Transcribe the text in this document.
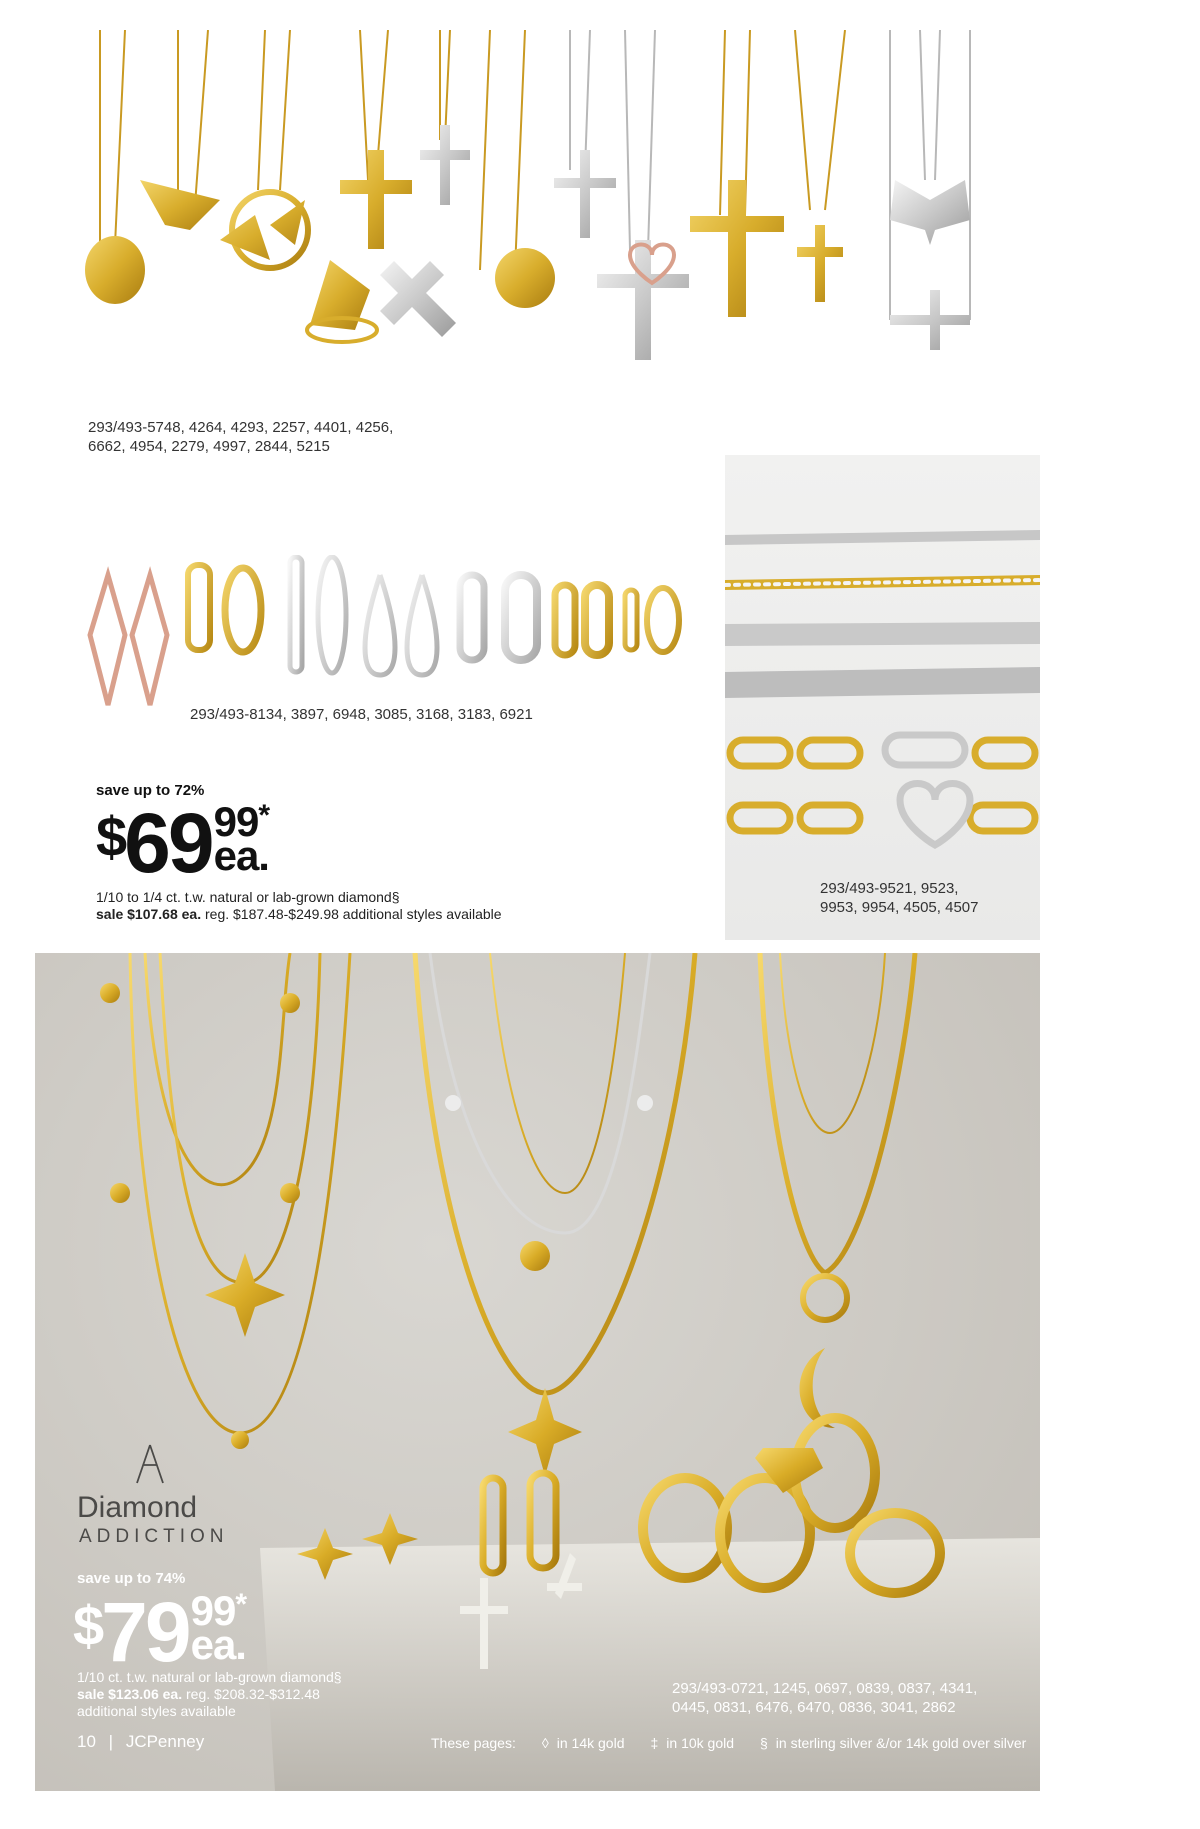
293/493-5748, 4264, 4293, 2257, 4401, 4256,
6662, 4954, 2279, 4997, 2844, 5215
293/493-8134, 3897, 6948, 3085, 3168, 3183, 6921
293/493-9521, 9523,
9953, 9954, 4505, 4507
save up to 72%
$ 69 99 *
ea.
1/10 to 1/4 ct. t.w. natural or lab-grown diamond§
sale $107.68 ea. reg. $187.48-$249.98 additional styles available
Diamond
ADDICTION
save up to 74%
$ 79 99 *
ea.
1/10 ct. t.w. natural or lab-grown diamond§
sale $123.06 ea. reg. $208.32-$312.48
additional styles available
10 | JCPenney
293/493-0721, 1245, 0697, 0839, 0837, 4341,
0445, 0831, 6476, 6470, 0836, 3041, 2862
These pages: ◊ in 14k gold ‡ in 10k gold § in sterling silver &/or 14k gold over silver
